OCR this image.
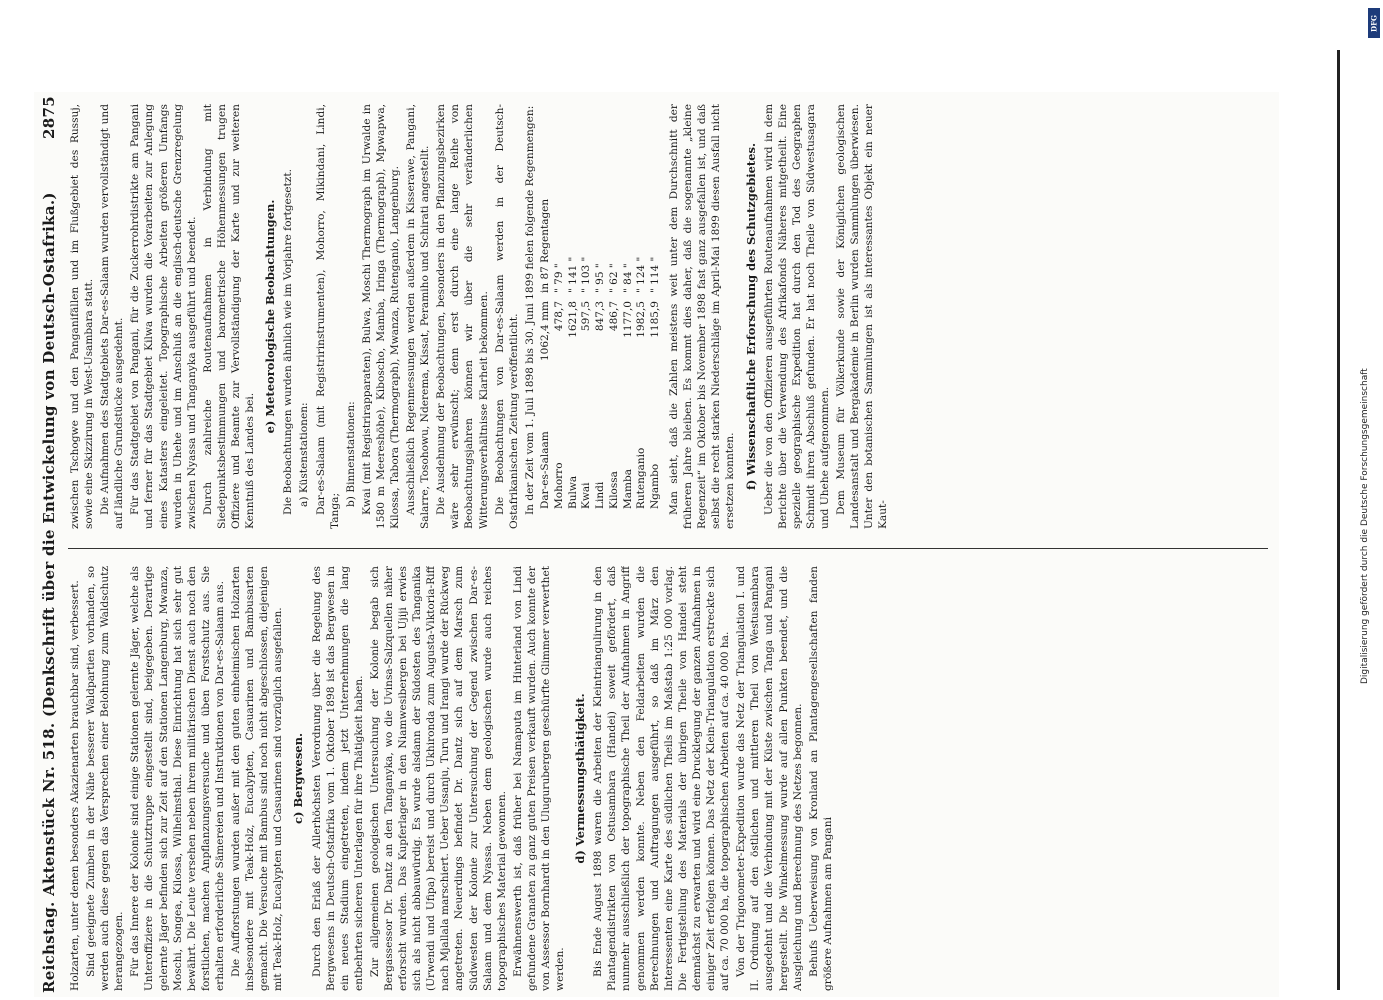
DFG
Digitalisierung gefördert durch die Deutsche Forschungsgemeinschaft
Reichstag. Aktenstück Nr. 518. (Denkschrift über die Entwickelung von Deutsch-Ostafrika.)
2875

Holzarten, unter denen besonders Akazienarten brauchbar sind, verbessert. Sind geeignete Zumben in der Nähe besserer Waldpartien vorhanden, so werden auch diese gegen das Versprechen einer Belohnung zum Waldschutz herangezogen. Für das Innere der Kolonie sind einige Stationen gelernte Jäger, welche als Unteroffiziere in die Schutztruppe eingestellt sind, beigegeben. Derartige gelernte Jäger befinden sich zur Zeit auf den Stationen Langenburg, Mwanza, Moschi, Songea, Kilossa, Wilhelmsthal. Diese Einrichtung hat sich sehr gut bewährt. Die Leute versehen neben ihrem militärischen Dienst auch noch den forstlichen, machen Anpflanzungsversuche und üben Forstschutz aus. Sie erhalten erforderliche Sämereien und Instruktionen von Dar-es-Salaam aus. Die Aufforstungen wurden außer mit den guten einheimischen Holzarten insbesondere mit Teak-Holz, Eucalypten, Casuarinen und Bambusarten gemacht. Die Versuche mit Bambus sind noch nicht abgeschlossen, diejenigen mit Teak-Holz, Eucalypten und Casuarinen sind vorzüglich ausgefallen. c) Bergwesen. Durch den Erlaß der Allerhöchsten Verordnung über die Regelung des Bergwesens in Deutsch-Ostafrika vom 1. Oktober 1898 ist das Bergwesen in ein neues Stadium eingetreten, indem jetzt Unternehmungen die lang entbehrten sicheren Unterlagen für ihre Thätigkeit haben. Zur allgemeinen geologischen Untersuchung der Kolonie begab sich Bergassessor Dr. Dantz an den Tanganyka, wo die Uvinsa-Salzquellen näher erforscht wurden. Das Kupferlager in den Niamwesibergen bei Ujiji erwies sich als nicht abbauwürdig. Es wurde alsdann der Südosten des Tanganika (Urwendi und Ufipa) bereist und durch Ukhironda zum Augusta-Viktoria-Riff nach Mjallala marschiert. Ueber Ussanju, Turu und Irangi wurde der Rückweg angetreten. Neuerdings befindet Dr. Dantz sich auf dem Marsch zum Südwesten der Kolonie zur Untersuchung der Gegend zwischen Dar-es-Salaam und dem Nyassa. Neben dem geologischen wurde auch reiches topographisches Material gewonnen. Erwähnenswerth ist, daß früher bei Namaputa im Hinterland von Lindi gefundene Granaten zu ganz guten Preisen verkauft wurden. Auch konnte der von Assessor Bornhardt in den Ulugurubergen geschürfte Glimmer verwerthet werden.

d) Vermessungsthätigkeit. Bis Ende August 1898 waren die Arbeiten der Kleintriangulirung in den Plantagendistrikten von Ostusambara (Handei) soweit gefördert, daß nunmehr ausschließlich der topographische Theil der Aufnahmen in Angriff genommen werden konnte. Neben den Feldarbeiten wurden die Berechnungen und Auftragungen ausgeführt, so daß im März den Interessenten eine Karte des südlichen Theils im Maßstab 1:25 000 vorlag. Die Fertigstellung des Materials der übrigen Theile von Handei steht demnächst zu erwarten und wird eine Drucklegung der ganzen Aufnahmen in einiger Zeit erfolgen können. Das Netz der Klein-Triangulation erstreckte sich auf ca. 70 000 ha, die topographischen Arbeiten auf ca. 40 000 ha. Von der Trigonometer-Expedition wurde das Netz der Triangulation I. und II. Ordnung auf den östlichen und mittleren Theil von Westusambara ausgedehnt und die Verbindung mit der Küste zwischen Tanga und Pangani hergestellt. Die Winkelmessung wurde auf allen Punkten beendet, und die Ausgleichung und Berechnung des Netzes begonnen. Behufs Ueberweisung von Kronland an Plantagengesellschaften fanden größere Aufnahmen am Pangani

zwischen Tschogwe und den Panganifällen und im Flußgebiet des Russuj, sowie eine Skizzirung in West-Usambara statt. Die Aufnahmen des Stadtgebiets Dar-es-Salaam wurden vervollständigt und auf ländliche Grundstücke ausgedehnt. Für das Stadtgebiet von Pangani, für die Zuckerrohrdistrikte am Pangani und ferner für das Stadtgebiet Kilwa wurden die Vorarbeiten zur Anlegung eines Katasters eingeleitet. Topographische Arbeiten größeren Umfangs wurden in Uhehe und im Anschluß an die englisch-deutsche Grenzregelung zwischen Nyassa und Tanganyka ausgeführt und beendet. Durch zahlreiche Routenaufnahmen in Verbindung mit Siedepunktsbestimmungen und barometrische Höhenmessungen trugen Offiziere und Beamte zur Vervollständigung der Karte und zur weiteren Kenntniß des Landes bei.

e) Meteorologische Beobachtungen. Die Beobachtungen wurden ähnlich wie im Vorjahre fortgesetzt. a) Küstenstationen: Dar-es-Salaam (mit Registririnstrumenten), Mohorro, Mikindani, Lindi, Tanga;

b) Binnenstationen: Kwai (mit Registrirapparaten), Bulwa, Moschi Thermograph im Urwalde in 1580 m Meereshöhe), Kiboscho, Mamba, Iringa (Thermograph), Mpwapwa, Kilossa, Tabora (Thermograph), Mwanza, Rutenganio, Langenburg. Ausschließlich Regenmessungen werden außerdem in Kisserawe, Pangani, Salarre, Tosohowu, Nderema, Kissat, Peramiho und Schirati angestellt. Die Ausdehnung der Beobachtungen, besonders in den Pflanzungsbezirken wäre sehr erwünscht; denn erst durch eine lange Reihe von Beobachtungsjahren können wir über die sehr veränderlichen Witterungsverhältnisse Klarheit bekommen. Die Beobachtungen von Dar-es-Salaam werden in der Deutsch-Ostafrikanischen Zeitung veröffentlicht. In der Zeit vom 1. Juli 1898 bis 30. Juni 1899 fielen folgende Regenmengen: Dar-es-Salaam
1062,4 mm
in 87 Regentagen
Mohorro
478,7
" 79 "
Bulwa
1621,8
" 141 "
Kwai
597,5
" 103 "
Lindi
847,3
" 95 "
Kilossa
486,7
" 62 "
Mamba
1177,0
" 84 "
Rutenganio
1982,5
" 124 "
Ngambo
1185,9
" 114 " Man sieht, daß die Zahlen meistens weit unter dem Durchschnitt der früheren Jahre bleiben. Es kommt dies daher, daß die sogenannte „kleine Regenzeit“ im Oktober bis November 1898 fast ganz ausgefallen ist, und daß selbst die recht starken Niederschläge im April-Mai 1899 diesen Ausfall nicht ersetzen konnten. f) Wissenschaftliche Erforschung des Schutzgebietes. Ueber die von den Offizieren ausgeführten Routenaufnahmen wird in dem Berichte über die Verwendung des Afrikafonds Näheres mitgetheilt. Eine spezielle geographische Expedition hat durch den Tod des Geographen Schmidt ihren Abschluß gefunden. Er hat noch Theile von Südwestusagara und Uhehe aufgenommen. Dem Museum für Völkerkunde sowie der Königlichen geologischen Landesanstalt und Bergakademie in Berlin wurden Sammlungen überwiesen. Unter den botanischen Sammlungen ist als interessantes Objekt ein neuer Kaut-
